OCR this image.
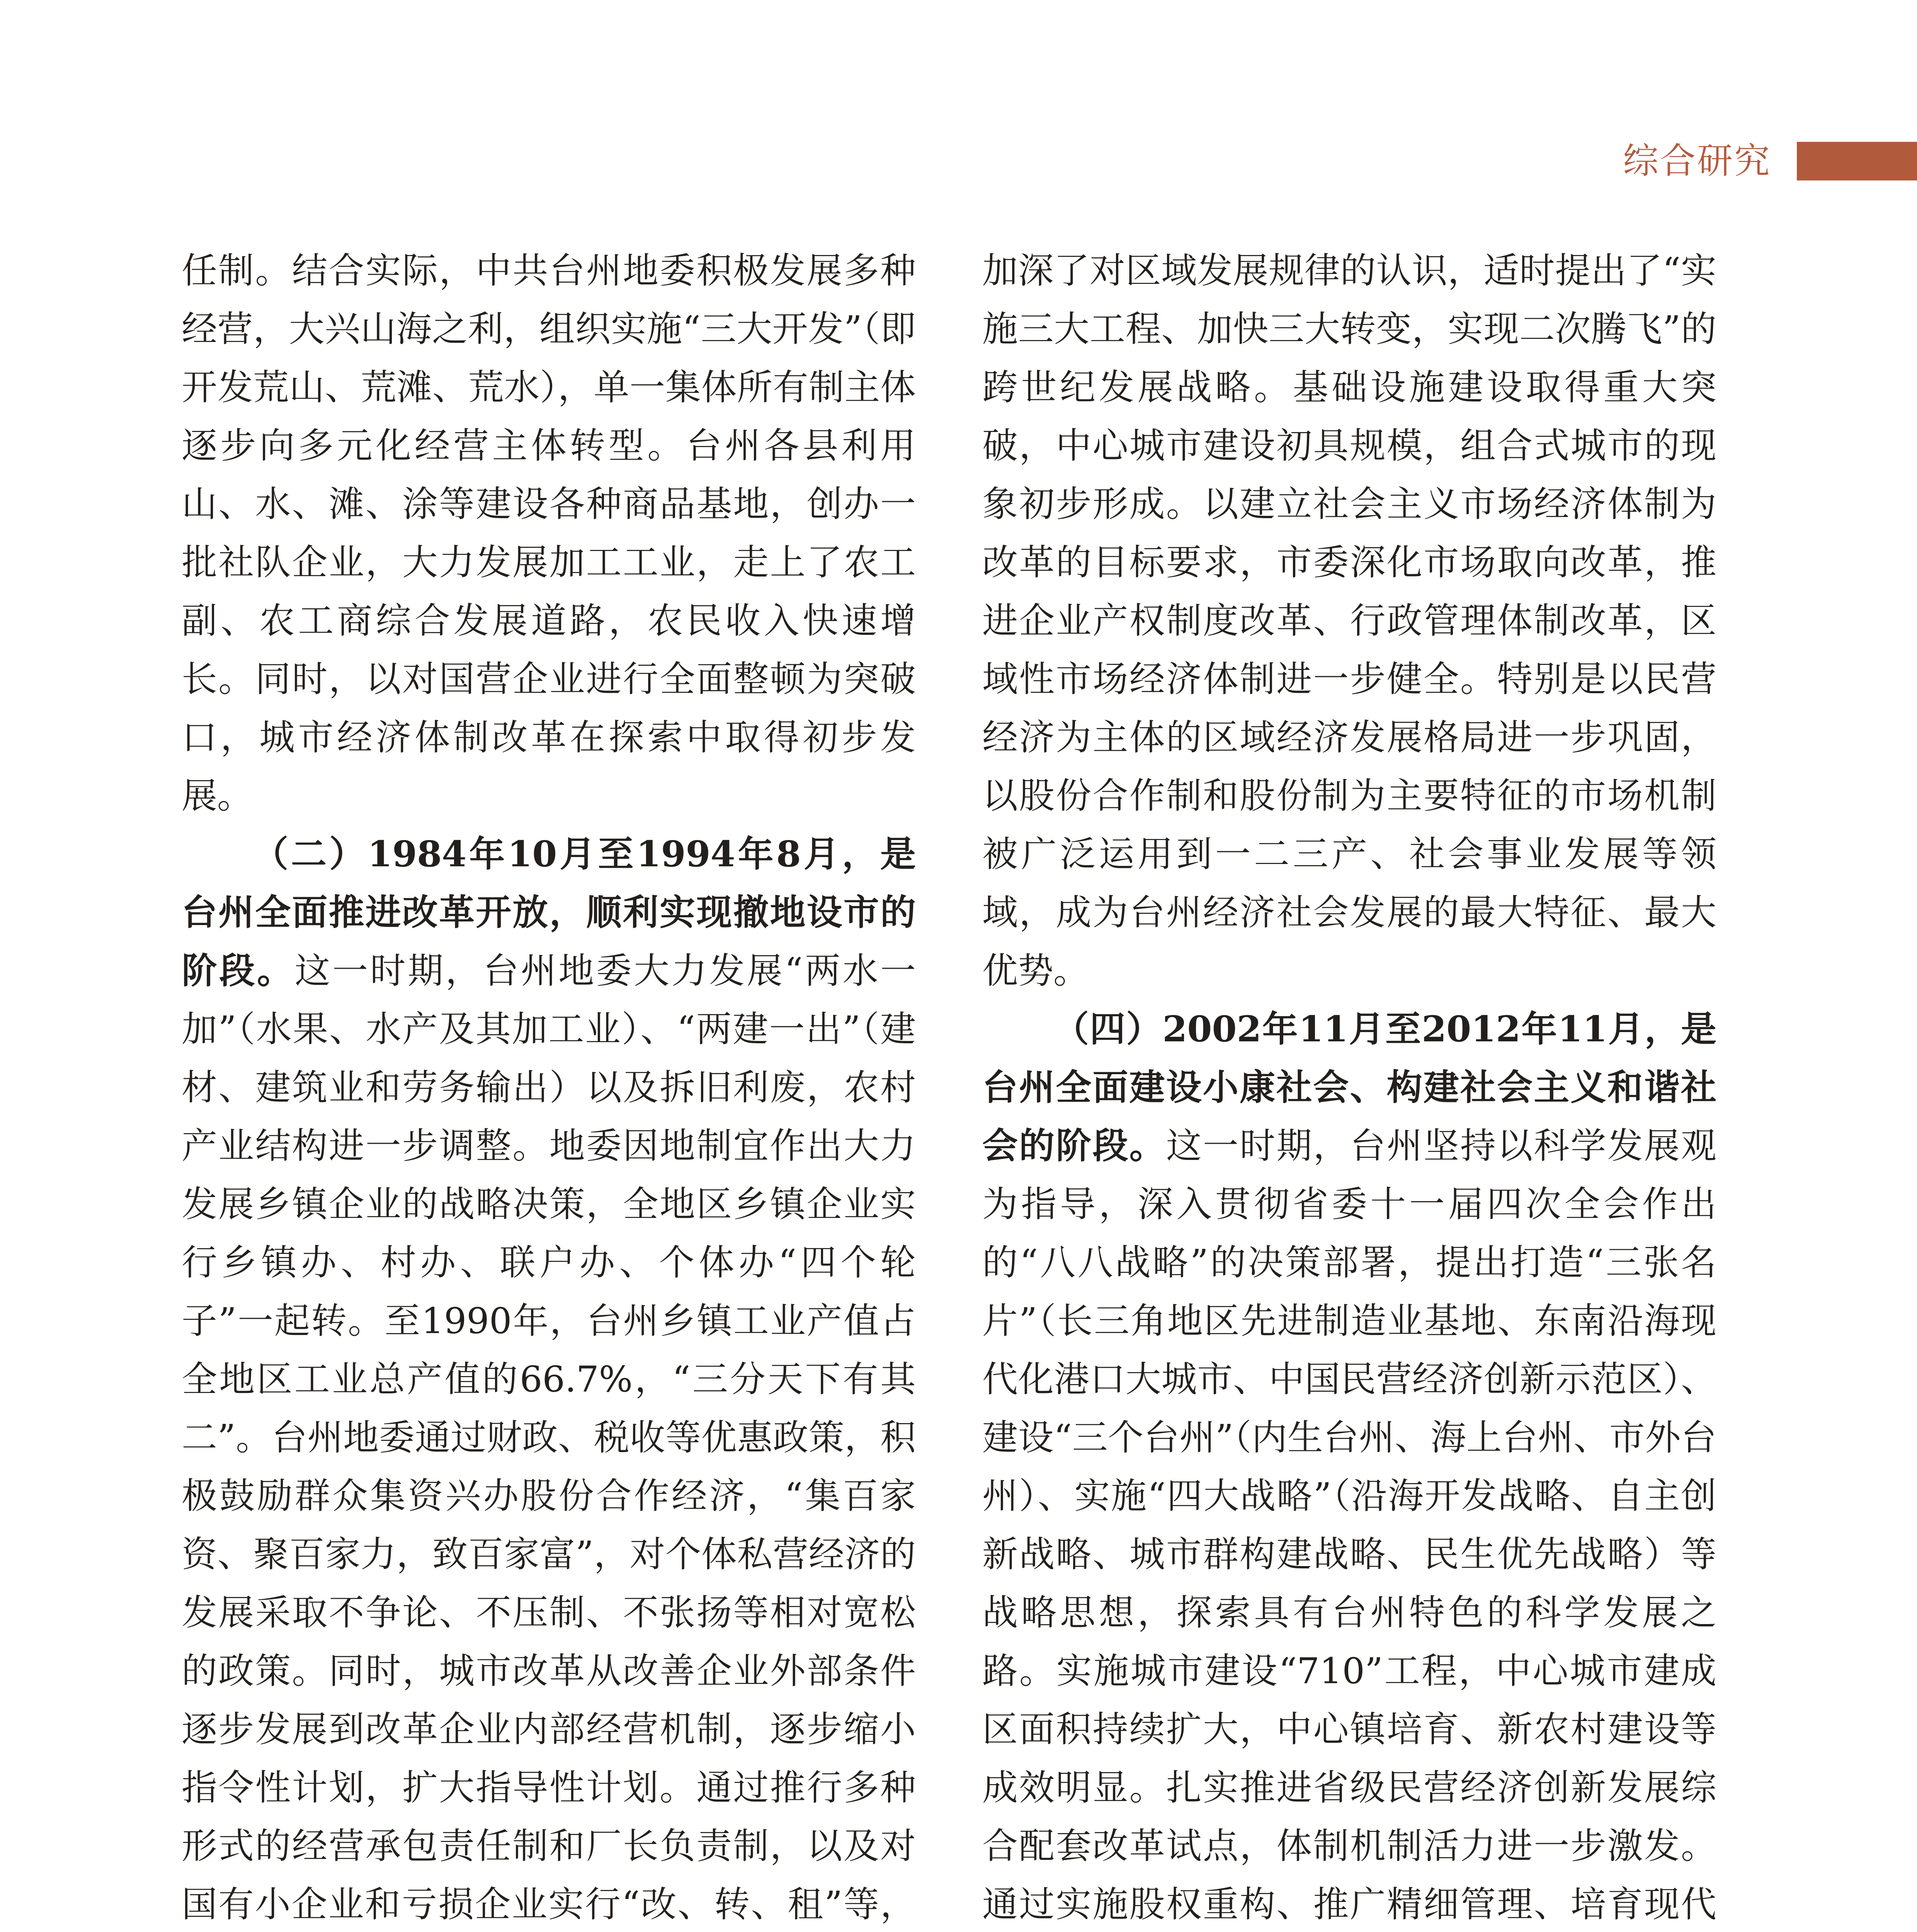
综合研究

任制。结合实际，中共台州地委积极发展多种经营，大兴山海之利，组织实施“三大开发”（即开发荒山、荒滩、荒水），单一集体所有制主体逐步向多元化经营主体转型。台州各县利用山、水、滩、涂等建设各种商品基地，创办一批社队企业，大力发展加工工业，走上了农工副、农工商综合发展道路，农民收入快速增长。同时，以对国营企业进行全面整顿为突破口，城市经济体制改革在探索中取得初步发展。

（二）1984年10月至1994年8月，是台州全面推进改革开放，顺利实现撤地设市的阶段。这一时期，台州地委大力发展“两水一加”（水果、水产及其加工业）、“两建一出”（建材、建筑业和劳务输出）以及拆旧利废，农村产业结构进一步调整。地委因地制宜作出大力发展乡镇企业的战略决策，全地区乡镇企业实行乡镇办、村办、联户办、个体办“四个轮子”一起转。至1990年，台州乡镇工业产值占全地区工业总产值的66.7%，“三分天下有其二”。台州地委通过财政、税收等优惠政策，积极鼓励群众集资兴办股份合作经济，“集百家资、聚百家力，致百家富”，对个体私营经济的发展采取不争论、不压制、不张扬等相对宽松的政策。同时，城市改革从改善企业外部条件逐步发展到改革企业内部经营机制，逐步缩小指令性计划，扩大指导性计划。通过推行多种形式的经营承包责任制和厂长负责制，以及对国有小企业和亏损企业实行“改、转、租”等，

加深了对区域发展规律的认识，适时提出了“实施三大工程、加快三大转变，实现二次腾飞”的跨世纪发展战略。基础设施建设取得重大突破，中心城市建设初具规模，组合式城市的现象初步形成。以建立社会主义市场经济体制为改革的目标要求，市委深化市场取向改革，推进企业产权制度改革、行政管理体制改革，区域性市场经济体制进一步健全。特别是以民营经济为主体的区域经济发展格局进一步巩固，以股份合作制和股份制为主要特征的市场机制被广泛运用到一二三产、社会事业发展等领域，成为台州经济社会发展的最大特征、最大优势。

（四）2002年11月至2012年11月，是台州全面建设小康社会、构建社会主义和谐社会的阶段。这一时期，台州坚持以科学发展观为指导，深入贯彻省委十一届四次全会作出的“八八战略”的决策部署，提出打造“三张名片”（长三角地区先进制造业基地、东南沿海现代化港口大城市、中国民营经济创新示范区）、建设“三个台州”（内生台州、海上台州、市外台州）、实施“四大战略”（沿海开发战略、自主创新战略、城市群构建战略、民生优先战略）等战略思想，探索具有台州特色的科学发展之路。实施城市建设“710”工程，中心城市建成区面积持续扩大，中心镇培育、新农村建设等成效明显。扎实推进省级民营经济创新发展综合配套改革试点，体制机制活力进一步激发。通过实施股权重构、推广精细管理、培育现代
